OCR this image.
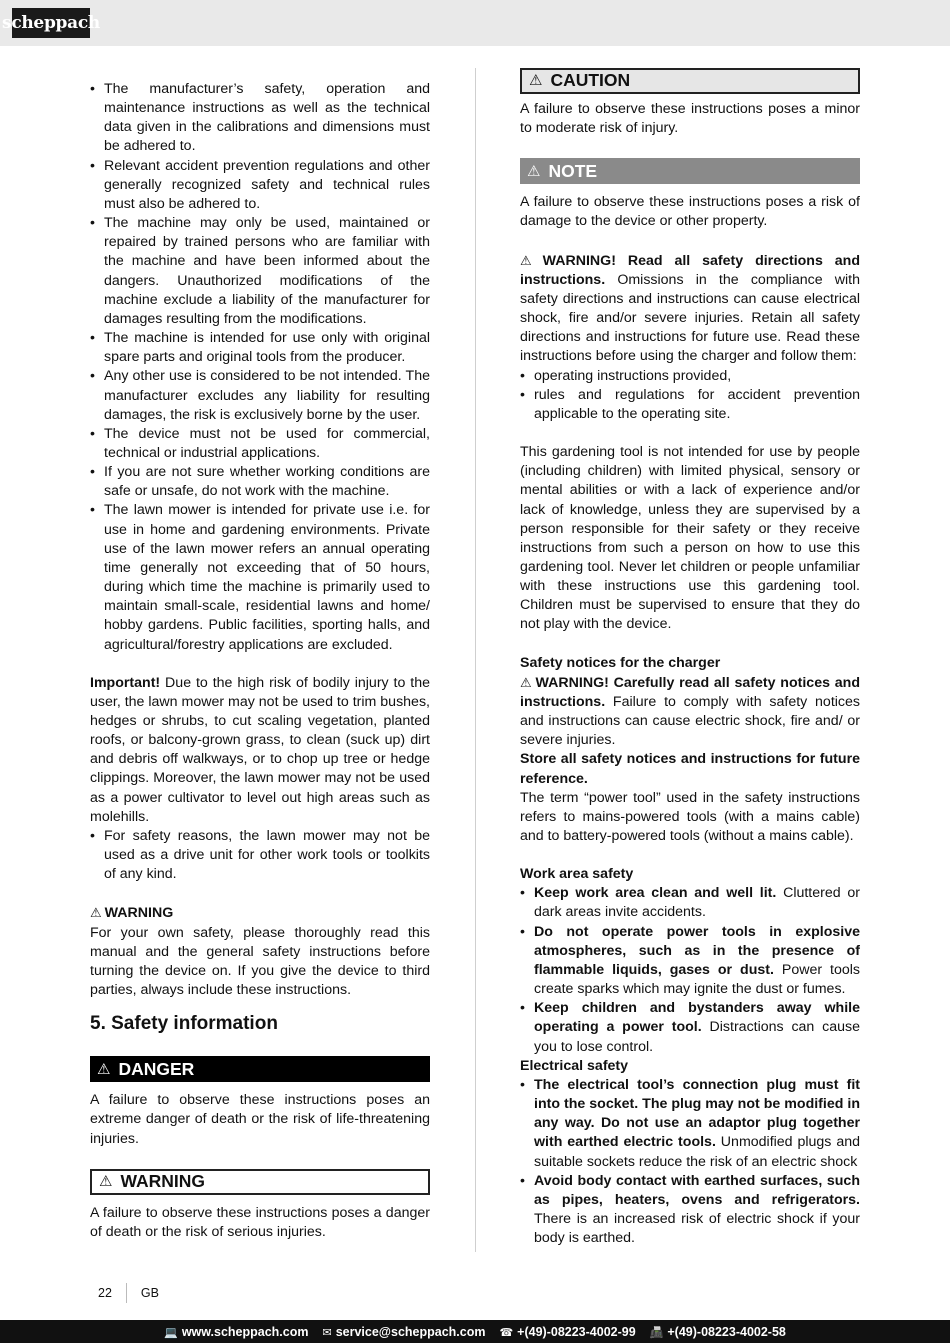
scheppach
• The manufacturer’s safety, operation and maintenance instructions as well as the technical data given in the calibrations and dimensions must be adhered to.
• Relevant accident prevention regulations and other generally recognized safety and technical rules must also be adhered to.
• The machine may only be used, maintained or repaired by trained persons who are familiar with the machine and have been informed about the dangers. Unauthorized modifications of the machine exclude a liability of the manufacturer for damages resulting from the modifications.
• The machine is intended for use only with original spare parts and original tools from the producer.
• Any other use is considered to be not intended. The manufacturer excludes any liability for resulting damages, the risk is exclusively borne by the user.
• The device must not be used for commercial, technical or industrial applications.
• If you are not sure whether working conditions are safe or unsafe, do not work with the machine.
• The lawn mower is intended for private use i.e. for use in home and gardening environments. Private use of the lawn mower refers an annual operating time generally not exceeding that of 50 hours, during which time the machine is primarily used to maintain small-scale, residential lawns and home/ hobby gardens. Public facilities, sporting halls, and agricultural/forestry applications are excluded.

Important! Due to the high risk of bodily injury to the user, the lawn mower may not be used to trim bushes, hedges or shrubs, to cut scaling vegetation, planted roofs, or balcony-grown grass, to clean (suck up) dirt and debris off walkways, or to chop up tree or hedge clippings. Moreover, the lawn mower may not be used as a power cultivator to level out high areas such as molehills.

• For safety reasons, the lawn mower may not be used as a drive unit for other work tools or toolkits of any kind.

⚠ WARNING

For your own safety, please thoroughly read this manual and the general safety instructions before turning the device on. If you give the device to third parties, always include these instructions.

5. Safety information
⚠ DANGER

A failure to observe these instructions poses an extreme danger of death or the risk of life-threatening injuries.

⚠ WARNING

A failure to observe these instructions poses a danger of death or the risk of serious injuries.

⚠ CAUTION

A failure to observe these instructions poses a minor to moderate risk of injury.

⚠ NOTE

A failure to observe these instructions poses a risk of damage to the device or other property.

⚠ WARNING! Read all safety directions and instructions. Omissions in the compliance with safety directions and instructions can cause electrical shock, fire and/or severe injuries. Retain all safety directions and instructions for future use. Read these instructions before using the charger and follow them:

• operating instructions provided,
• rules and regulations for accident prevention applicable to the operating site.

This gardening tool is not intended for use by people (including children) with limited physical, sensory or mental abilities or with a lack of experience and/or lack of knowledge, unless they are supervised by a person responsible for their safety or they receive instructions from such a person on how to use this gardening tool. Never let children or people unfamiliar with these instructions use this gardening tool. Children must be supervised to ensure that they do not play with the device.

Safety notices for the charger

⚠ WARNING! Carefully read all safety notices and instructions. Failure to comply with safety notices and instructions can cause electric shock, fire and/ or severe injuries.

Store all safety notices and instructions for future reference.

The term “power tool” used in the safety instructions refers to mains-powered tools (with a mains cable) and to battery-powered tools (without a mains cable).

Work area safety

• Keep work area clean and well lit. Cluttered or dark areas invite accidents.
• Do not operate power tools in explosive atmospheres, such as in the presence of flammable liquids, gases or dust. Power tools create sparks which may ignite the dust or fumes.
• Keep children and bystanders away while operating a power tool. Distractions can cause you to lose control.

Electrical safety

• The electrical tool’s connection plug must fit into the socket. The plug may not be modified in any way. Do not use an adaptor plug together with earthed electric tools. Unmodified plugs and suitable sockets reduce the risk of an electric shock
• Avoid body contact with earthed surfaces, such as pipes, heaters, ovens and refrigerators. There is an increased risk of electric shock if your body is earthed.
22 GB
💻 www.scheppach.com ✉ service@scheppach.com ☎ +(49)-08223-4002-99 📠 +(49)-08223-4002-58
